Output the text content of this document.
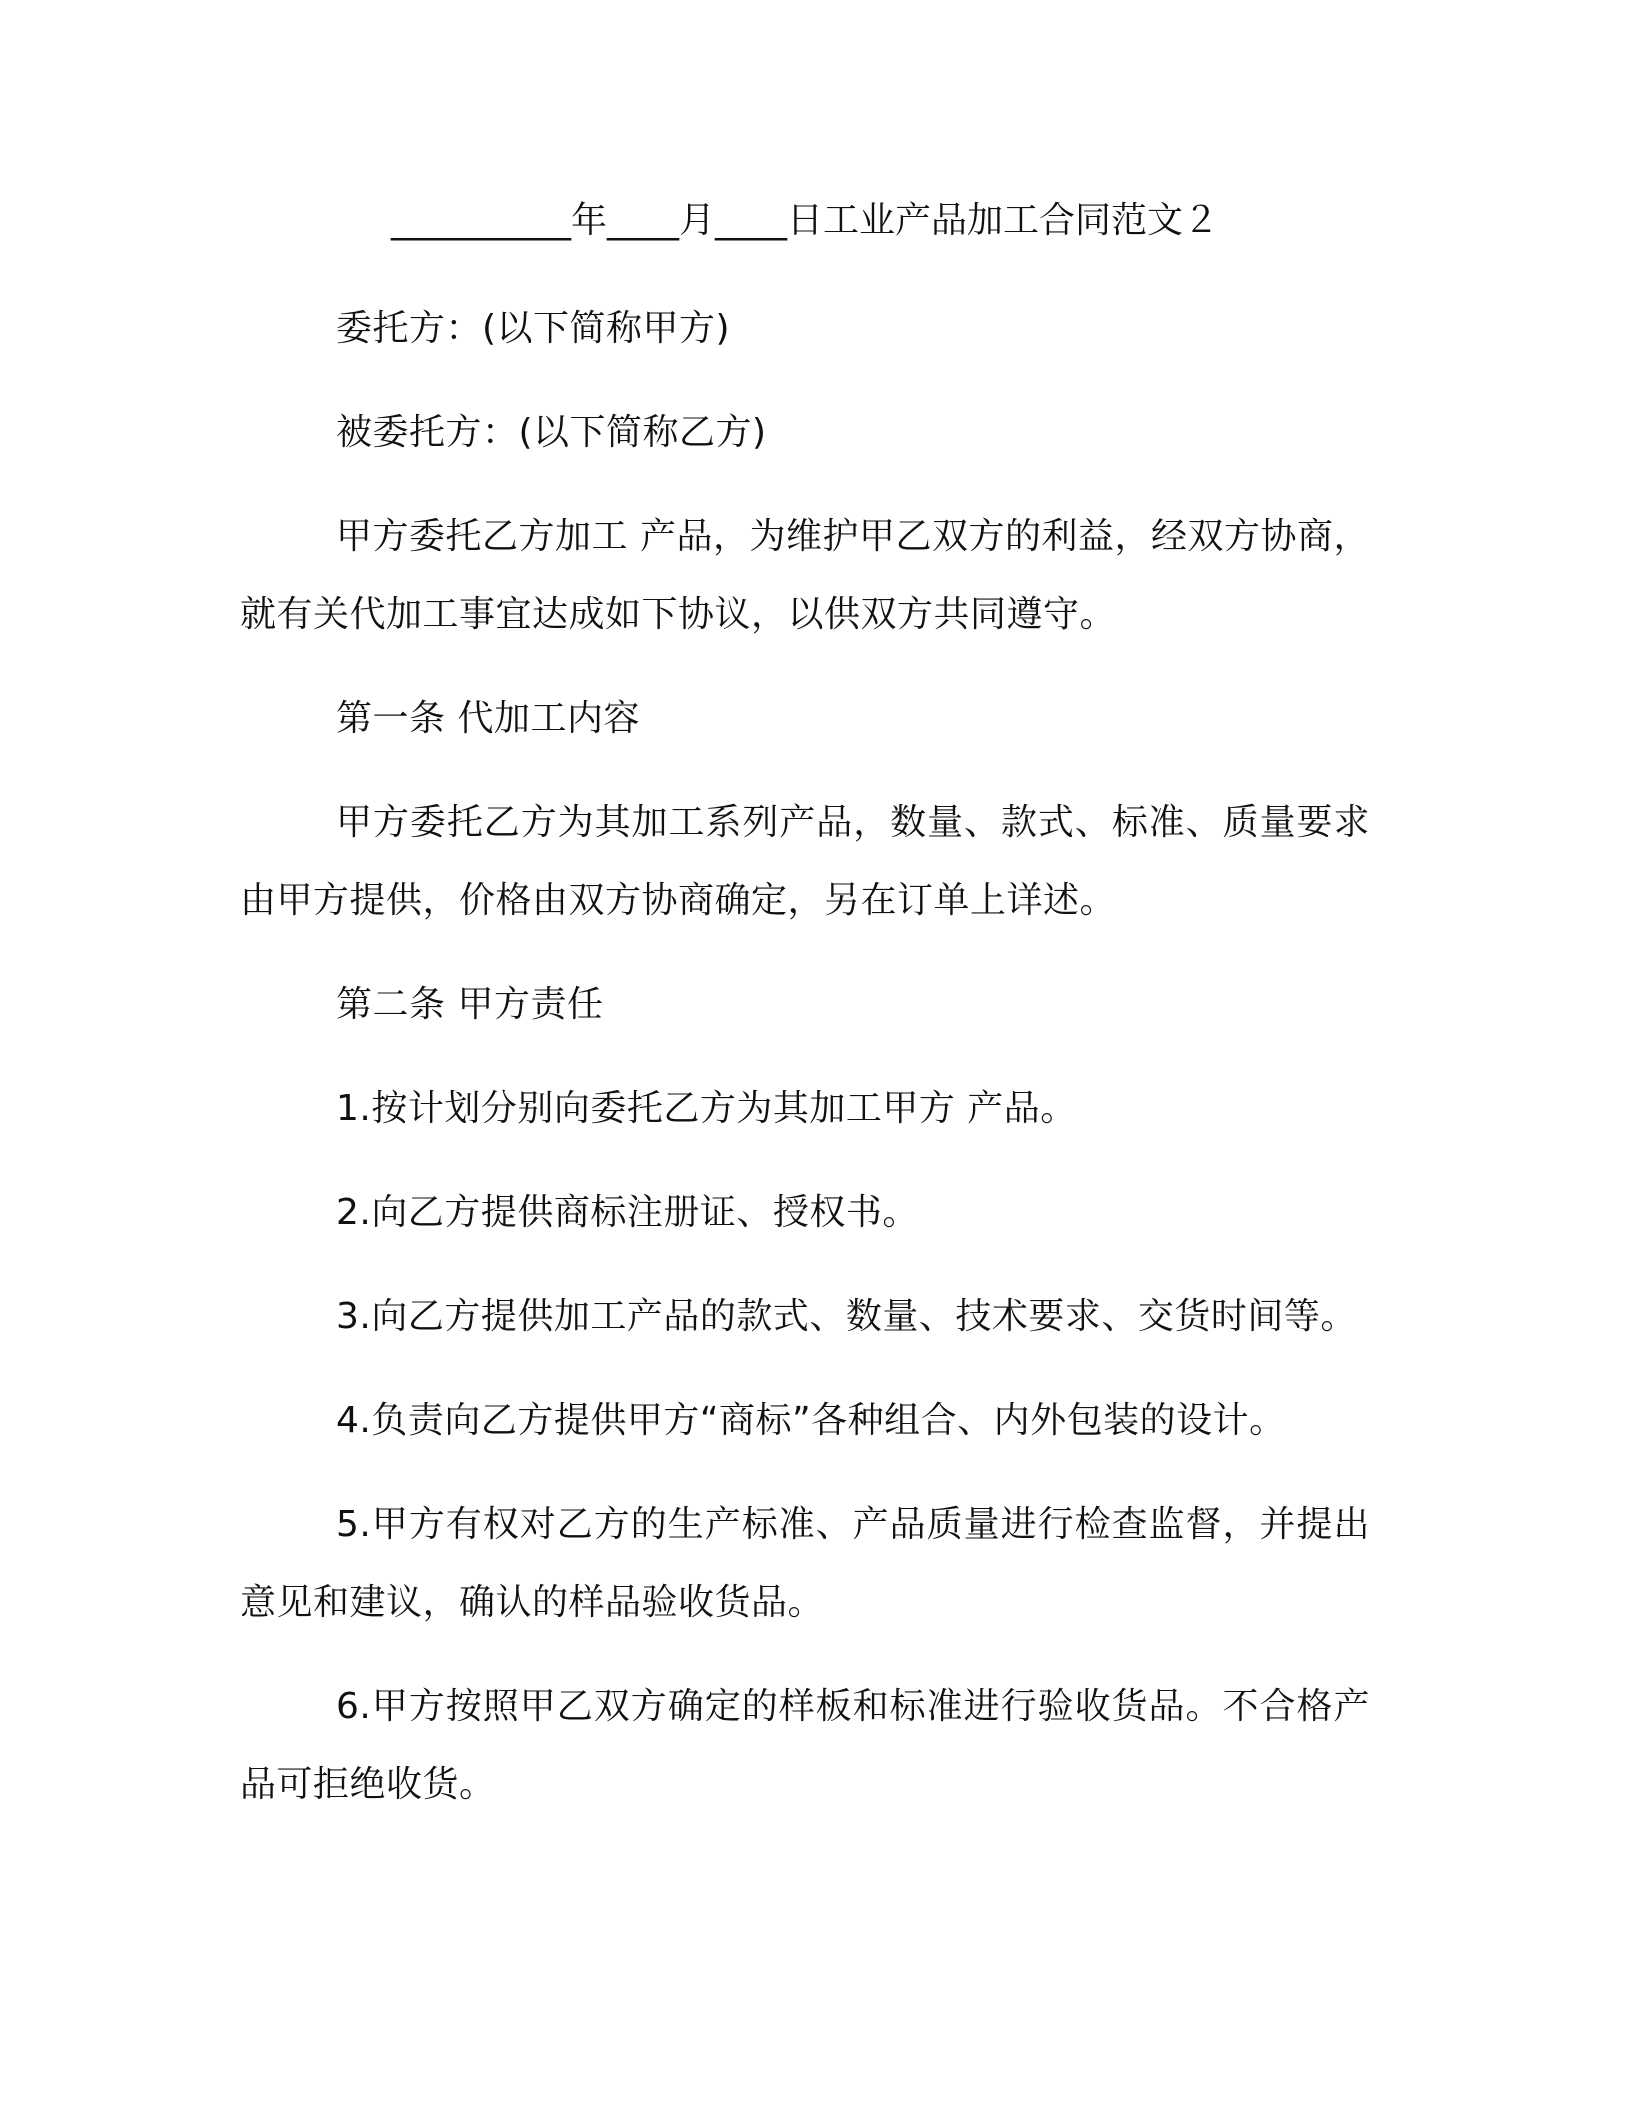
__________年____月____日工业产品加工合同范文２

委托方：(以下简称甲方)

被委托方：(以下简称乙方)

甲方委托乙方加工 产品，为维护甲乙双方的利益，经双方协商，就有关代加工事宜达成如下协议，以供双方共同遵守。

第一条 代加工内容

甲方委托乙方为其加工系列产品，数量、款式、标准、质量要求由甲方提供，价格由双方协商确定，另在订单上详述。

第二条 甲方责任

1.按计划分别向委托乙方为其加工甲方 产品。

2.向乙方提供商标注册证、授权书。

3.向乙方提供加工产品的款式、数量、技术要求、交货时间等。

4.负责向乙方提供甲方“商标”各种组合、内外包装的设计。

5.甲方有权对乙方的生产标准、产品质量进行检查监督，并提出意见和建议，确认的样品验收货品。

6.甲方按照甲乙双方确定的样板和标准进行验收货品。不合格产品可拒绝收货。
